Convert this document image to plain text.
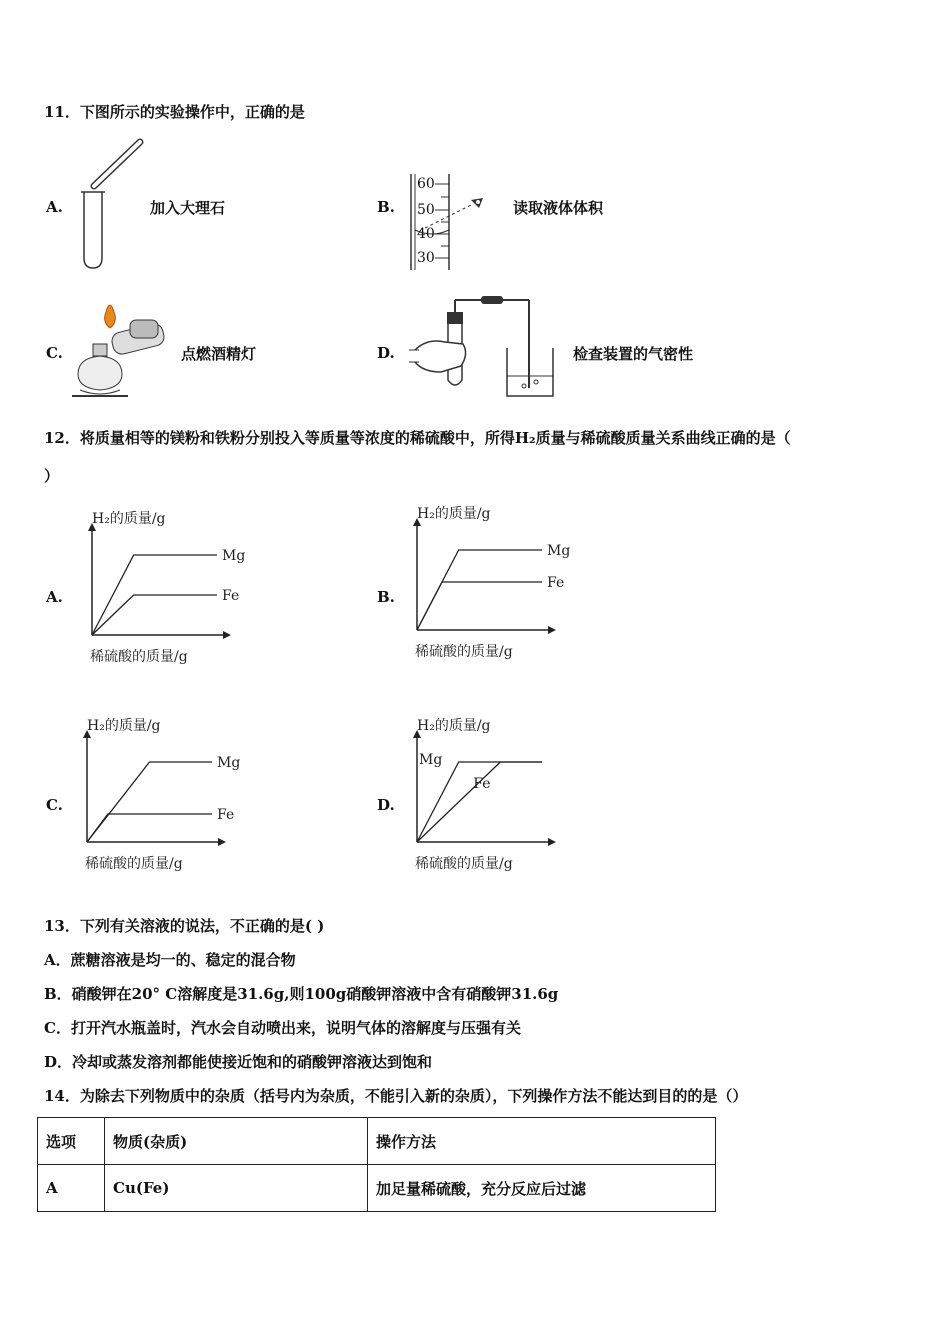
11．下图所示的实验操作中，正确的是
A.	加入大理石	B.
60
50
40
30
读取液体体积
C.	点燃酒精灯	D.	检查装置的气密性
12．将质量相等的镁粉和铁粉分别投入等质量等浓度的稀硫酸中，所得H₂质量与稀硫酸质量关系曲线正确的是（
）
A.	B.
C.	D.
H₂的质量/g
稀硫酸的质量/g
Mg
Fe
H₂的质量/g
稀硫酸的质量/g
Mg
Fe
H₂的质量/g
稀硫酸的质量/g
Mg
Fe
H₂的质量/g
稀硫酸的质量/g
Mg
Fe
13．下列有关溶液的说法，不正确的是( )
A．蔗糖溶液是均一的、稳定的混合物
B．硝酸钾在20° C溶解度是31.6g,则100g硝酸钾溶液中含有硝酸钾31.6g
C．打开汽水瓶盖时，汽水会自动喷出来，说明气体的溶解度与压强有关
D．冷却或蒸发溶剂都能使接近饱和的硝酸钾溶液达到饱和
14．为除去下列物质中的杂质（括号内为杂质，不能引入新的杂质），下列操作方法不能达到目的的是（）
选项	物质(杂质)	操作方法
A	Cu(Fe)	加足量稀硫酸，充分反应后过滤
